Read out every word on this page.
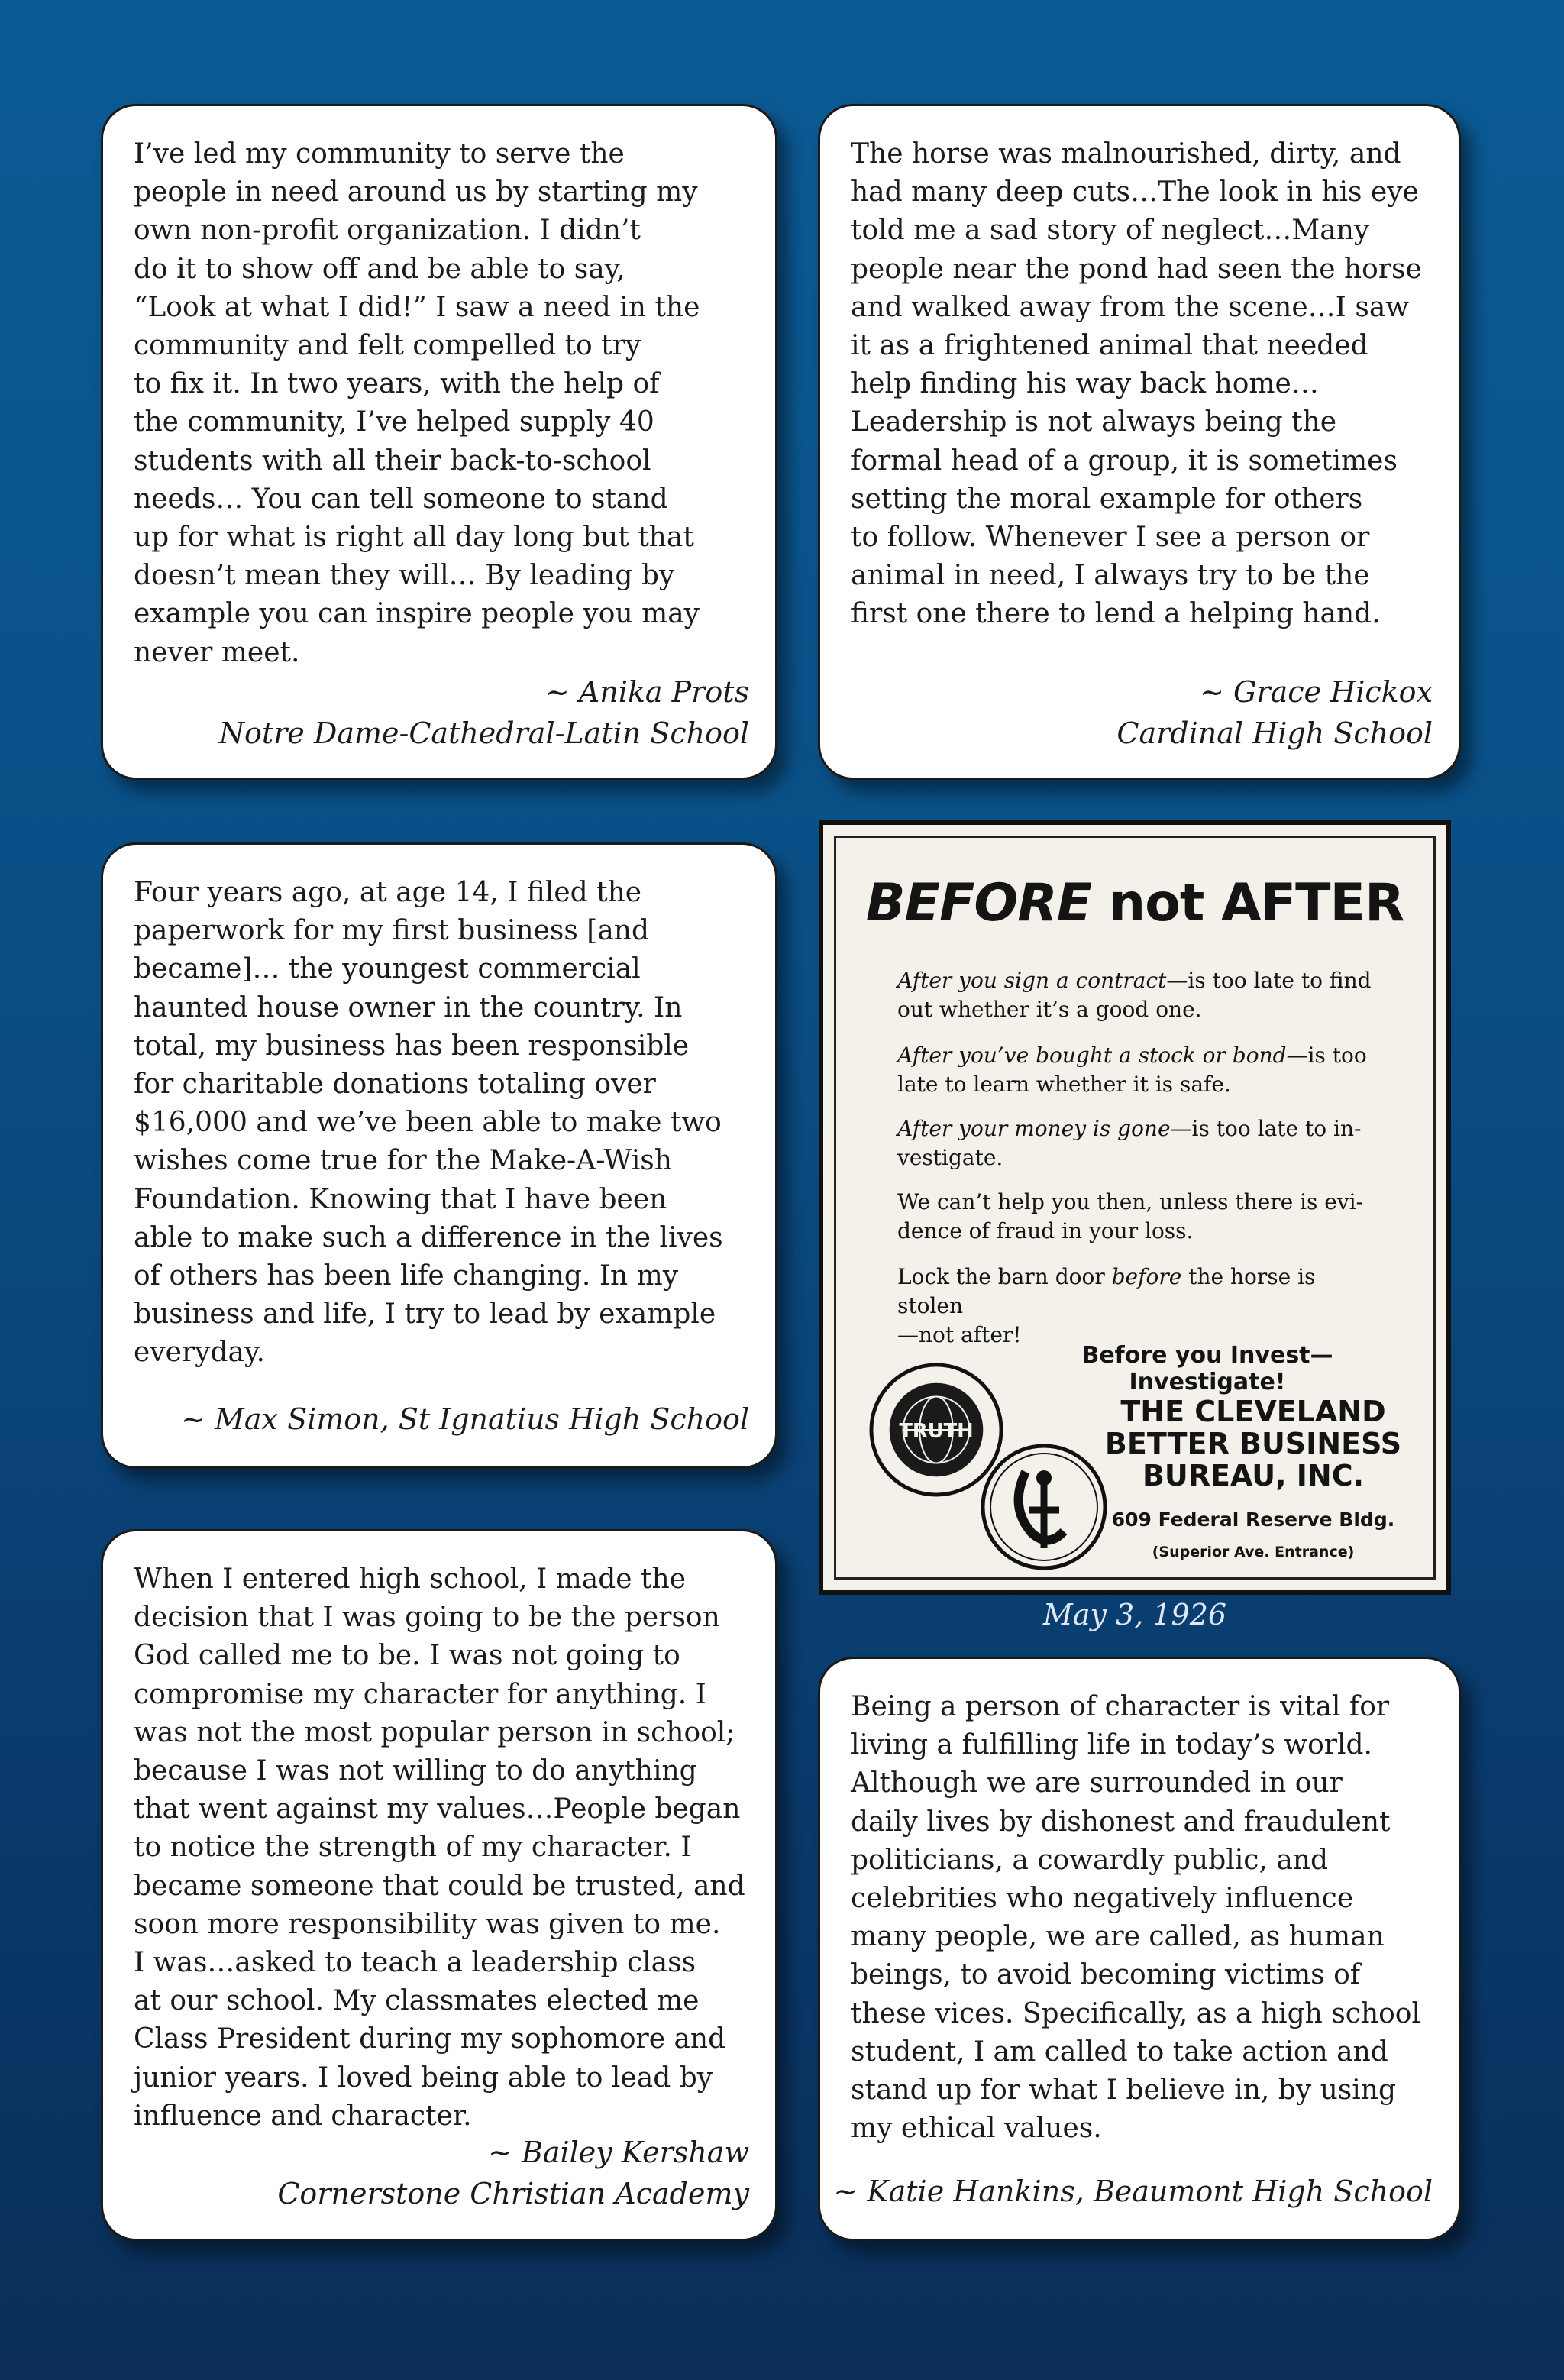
I’ve led my community to serve the
people in need around us by starting my
own non-profit organization. I didn’t
do it to show off and be able to say,
“Look at what I did!” I saw a need in the
community and felt compelled to try
to fix it. In two years, with the help of
the community, I’ve helped supply 40
students with all their back-to-school
needs… You can tell someone to stand
up for what is right all day long but that
doesn’t mean they will… By leading by
example you can inspire people you may
never meet.
~ Anika Prots
Notre Dame-Cathedral-Latin School
The horse was malnourished, dirty, and
had many deep cuts…The look in his eye
told me a sad story of neglect…Many
people near the pond had seen the horse
and walked away from the scene…I saw
it as a frightened animal that needed
help finding his way back home…
Leadership is not always being the
formal head of a group, it is sometimes
setting the moral example for others
to follow. Whenever I see a person or
animal in need, I always try to be the
first one there to lend a helping hand.
~ Grace Hickox
Cardinal High School
Four years ago, at age 14, I filed the
paperwork for my first business [and
became]… the youngest commercial
haunted house owner in the country. In
total, my business has been responsible
for charitable donations totaling over
$16,000 and we’ve been able to make two
wishes come true for the Make-A-Wish
Foundation. Knowing that I have been
able to make such a difference in the lives
of others has been life changing. In my
business and life, I try to lead by example
everyday.
~ Max Simon, St Ignatius High School
BEFORE not AFTER
After you sign a contract—is too late to find
out whether it’s a good one.
After you’ve bought a stock or bond—is too
late to learn whether it is safe.
After your money is gone—is too late to in-
vestigate.
We can’t help you then, unless there is evi-
dence of fraud in your loss.
Lock the barn door before the horse is stolen
—not after!
TRUTH
Before you Invest—Investigate!
THE CLEVELAND
BETTER BUSINESS
BUREAU, INC.
609 Federal Reserve Bldg.
(Superior Ave. Entrance)
May 3, 1926
When I entered high school, I made the
decision that I was going to be the person
God called me to be. I was not going to
compromise my character for anything. I
was not the most popular person in school;
because I was not willing to do anything
that went against my values…People began
to notice the strength of my character. I
became someone that could be trusted, and
soon more responsibility was given to me.
I was…asked to teach a leadership class
at our school. My classmates elected me
Class President during my sophomore and
junior years. I loved being able to lead by
influence and character.
~ Bailey Kershaw
Cornerstone Christian Academy
Being a person of character is vital for
living a fulfilling life in today’s world.
Although we are surrounded in our
daily lives by dishonest and fraudulent
politicians, a cowardly public, and
celebrities who negatively influence
many people, we are called, as human
beings, to avoid becoming victims of
these vices. Specifically, as a high school
student, I am called to take action and
stand up for what I believe in, by using
my ethical values.
~ Katie Hankins, Beaumont High School
